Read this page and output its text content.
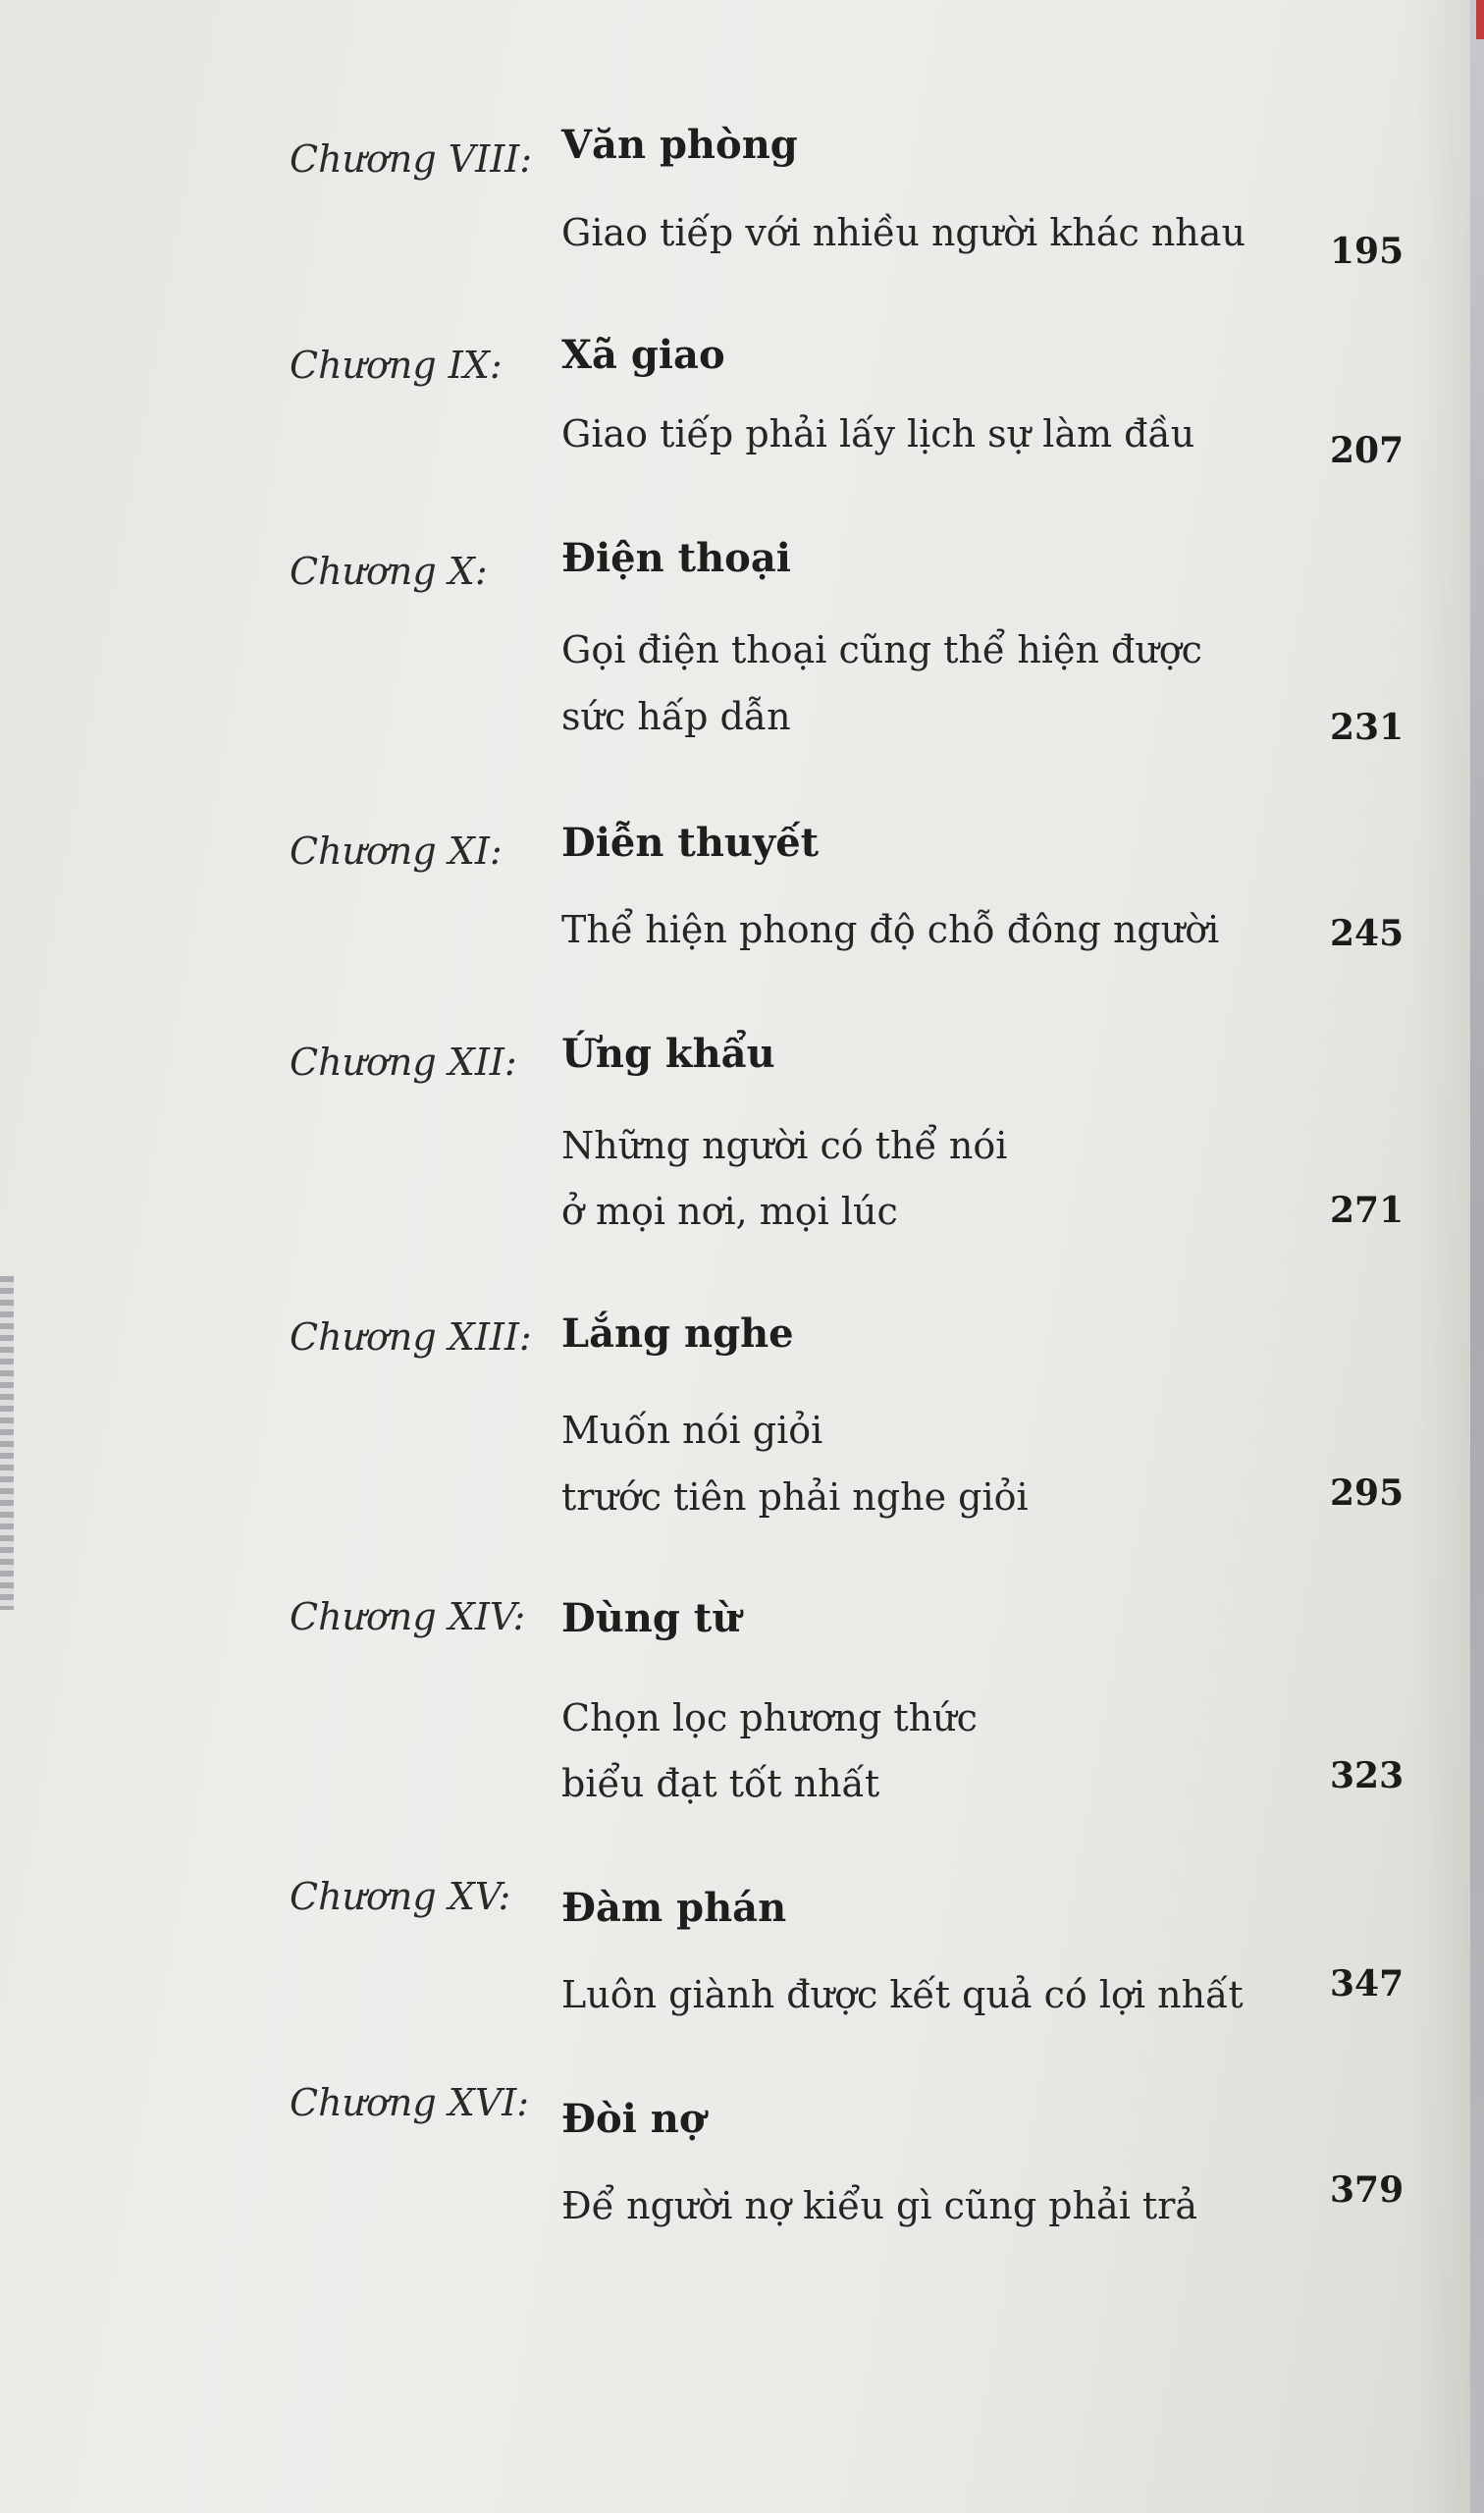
Chương VIII: Văn phòng
Giao tiếp với nhiều người khác nhau 195
Chương IX: Xã giao
Giao tiếp phải lấy lịch sự làm đầu	207
Chương X: Điện thoại
Gọi điện thoại cũng thể hiện được
sức hấp dẫn	231
Chương XI: Diễn thuyết
Thể hiện phong độ chỗ đông người	245
Chương XII: Ứng khẩu
Những người có thể nói
ở mọi nơi, mọi lúc	271
Chương XIII: Lắng nghe
Muốn nói giỏi
trước tiên phải nghe giỏi	295
Chương XIV: Dùng từ
Chọn lọc phương thức
biểu đạt tốt nhất	323
Chương XV: Đàm phán
Luôn giành được kết quả có lợi nhất 347
Chương XVI: Đòi nợ
Để người nợ kiểu gì cũng phải trả	379
